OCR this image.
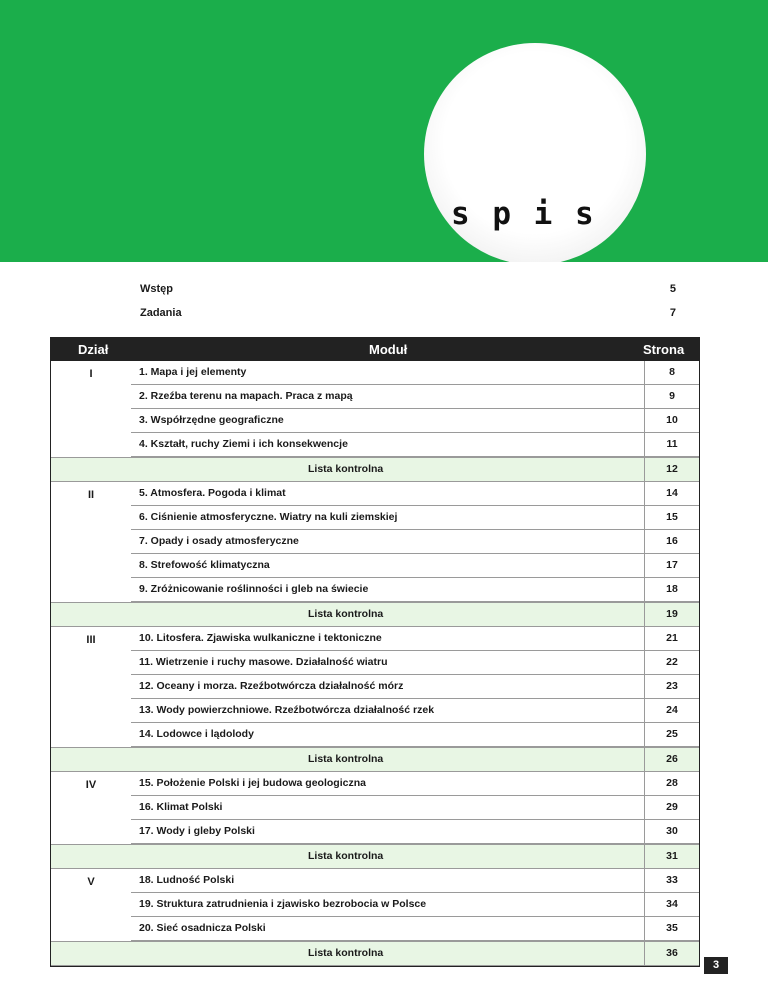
s p i s

Wstęp	5
Zadania	7
Dział	Moduł	Strona
I	1. Mapa i jej elementy	8
2. Rzeźba terenu na mapach. Praca z mapą	9
3. Współrzędne geograficzne	10
4. Kształt, ruchy Ziemi i ich konsekwencje	11
Lista kontrolna	12
II	5. Atmosfera. Pogoda i klimat	14
6. Ciśnienie atmosferyczne. Wiatry na kuli ziemskiej	15
7. Opady i osady atmosferyczne	16
8. Strefowość klimatyczna	17
9. Zróżnicowanie roślinności i gleb na świecie	18
Lista kontrolna	19
III	10. Litosfera. Zjawiska wulkaniczne i tektoniczne	21
11. Wietrzenie i ruchy masowe. Działalność wiatru	22
12. Oceany i morza. Rzeźbotwórcza działalność mórz	23
13. Wody powierzchniowe. Rzeźbotwórcza działalność rzek	24
14. Lodowce i lądolody	25
Lista kontrolna	26
IV	15. Położenie Polski i jej budowa geologiczna	28
16. Klimat Polski	29
17. Wody i gleby Polski	30
Lista kontrolna	31
V	18. Ludność Polski	33
19. Struktura zatrudnienia i zjawisko bezrobocia w Polsce	34
20. Sieć osadnicza Polski	35
Lista kontrolna	36
3
